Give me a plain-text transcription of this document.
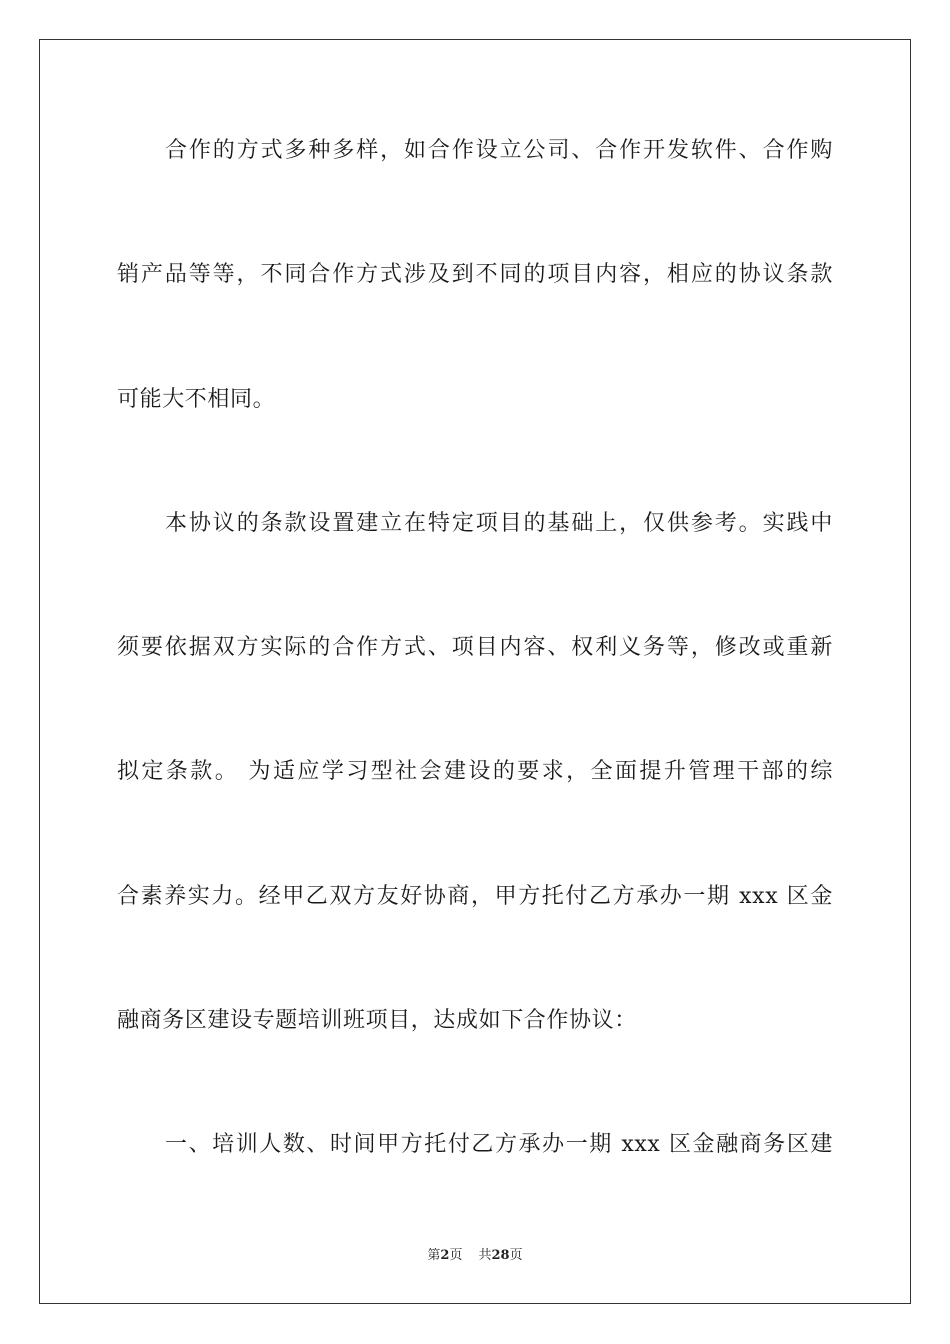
合作的方式多种多样，如合作设立公司、合作开发软件、合作购
销产品等等，不同合作方式涉及到不同的项目内容，相应的协议条款
可能大不相同。
本协议的条款设置建立在特定项目的基础上，仅供参考。实践中
须要依据双方实际的合作方式、项目内容、权利义务等，修改或重新
拟定条款。 为适应学习型社会建设的要求，全面提升管理干部的综
合素养实力。经甲乙双方友好协商，甲方托付乙方承办一期 xxx 区金
融商务区建设专题培训班项目，达成如下合作协议：
一、培训人数、时间甲方托付乙方承办一期 xxx 区金融商务区建
第2页 共28页
